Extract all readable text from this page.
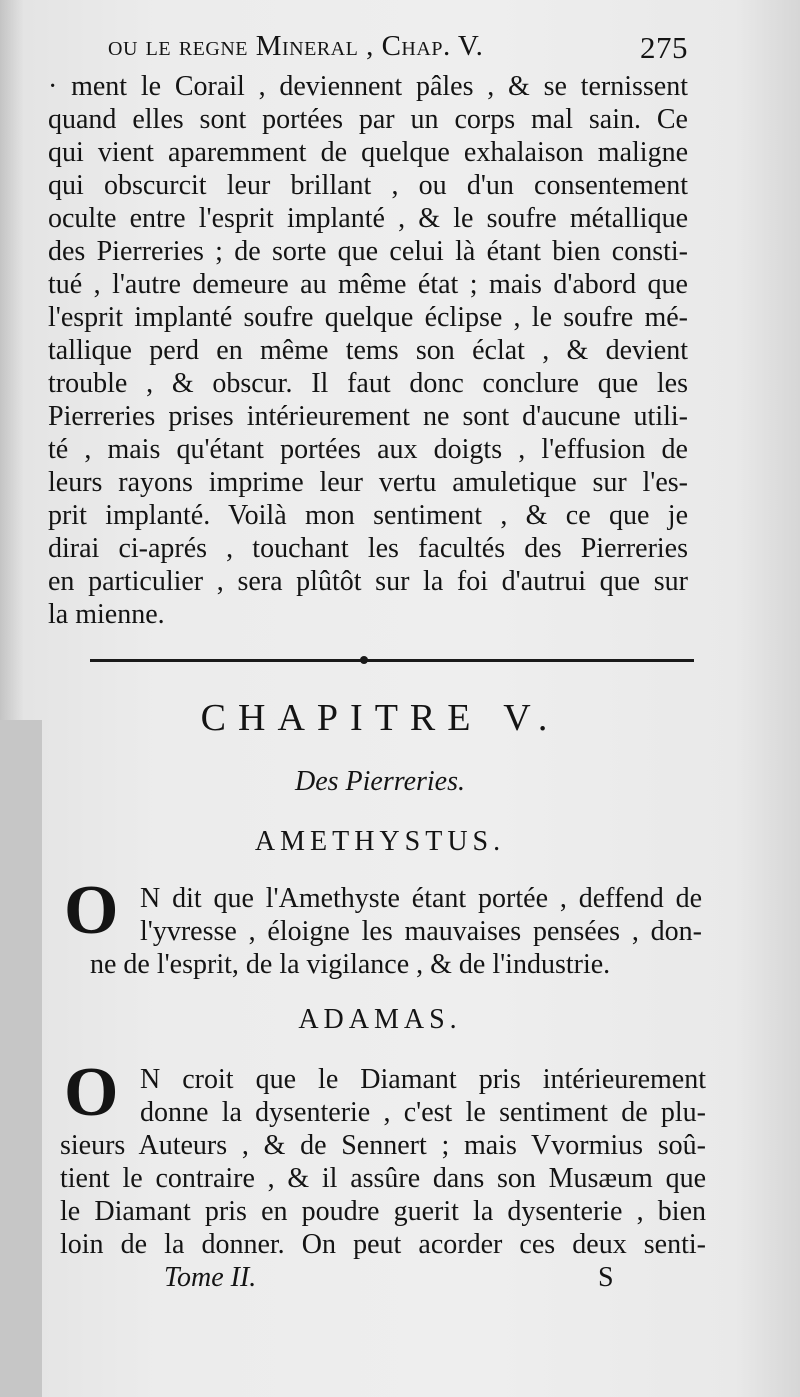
ou le regne Mineral , Chap. V.	275
· ment le Corail , deviennent pâles , & se ternissent
quand elles sont portées par un corps mal sain. Ce
qui vient aparemment de quelque exhalaison maligne
qui obscurcit leur brillant , ou d'un consentement
oculte entre l'esprit implanté , & le soufre métallique
des Pierreries ; de sorte que celui là étant bien consti-
tué , l'autre demeure au même état ; mais d'abord que
l'esprit implanté soufre quelque éclipse , le soufre mé-
tallique perd en même tems son éclat , & devient
trouble , & obscur. Il faut donc conclure que les
Pierreries prises intérieurement ne sont d'aucune utili-
té , mais qu'étant portées aux doigts , l'effusion de
leurs rayons imprime leur vertu amuletique sur l'es-
prit implanté. Voilà mon sentiment , & ce que je
dirai ci-aprés , touchant les facultés des Pierreries
en particulier , sera plûtôt sur la foi d'autrui que sur
la mienne.
CHAPITRE V.
Des Pierreries.
AMETHYSTUS.
O N dit que l'Amethyste étant portée , deffend de
l'yvresse , éloigne les mauvaises pensées , don-
ne de l'esprit, de la vigilance , & de l'industrie.
ADAMAS.
O N croit que le Diamant pris intérieurement
donne la dysenterie , c'est le sentiment de plu-
sieurs Auteurs , & de Sennert ; mais Vvormius soû-
tient le contraire , & il assûre dans son Musæum que
le Diamant pris en poudre guerit la dysenterie , bien
loin de la donner. On peut acorder ces deux senti-
Tome II.	S
